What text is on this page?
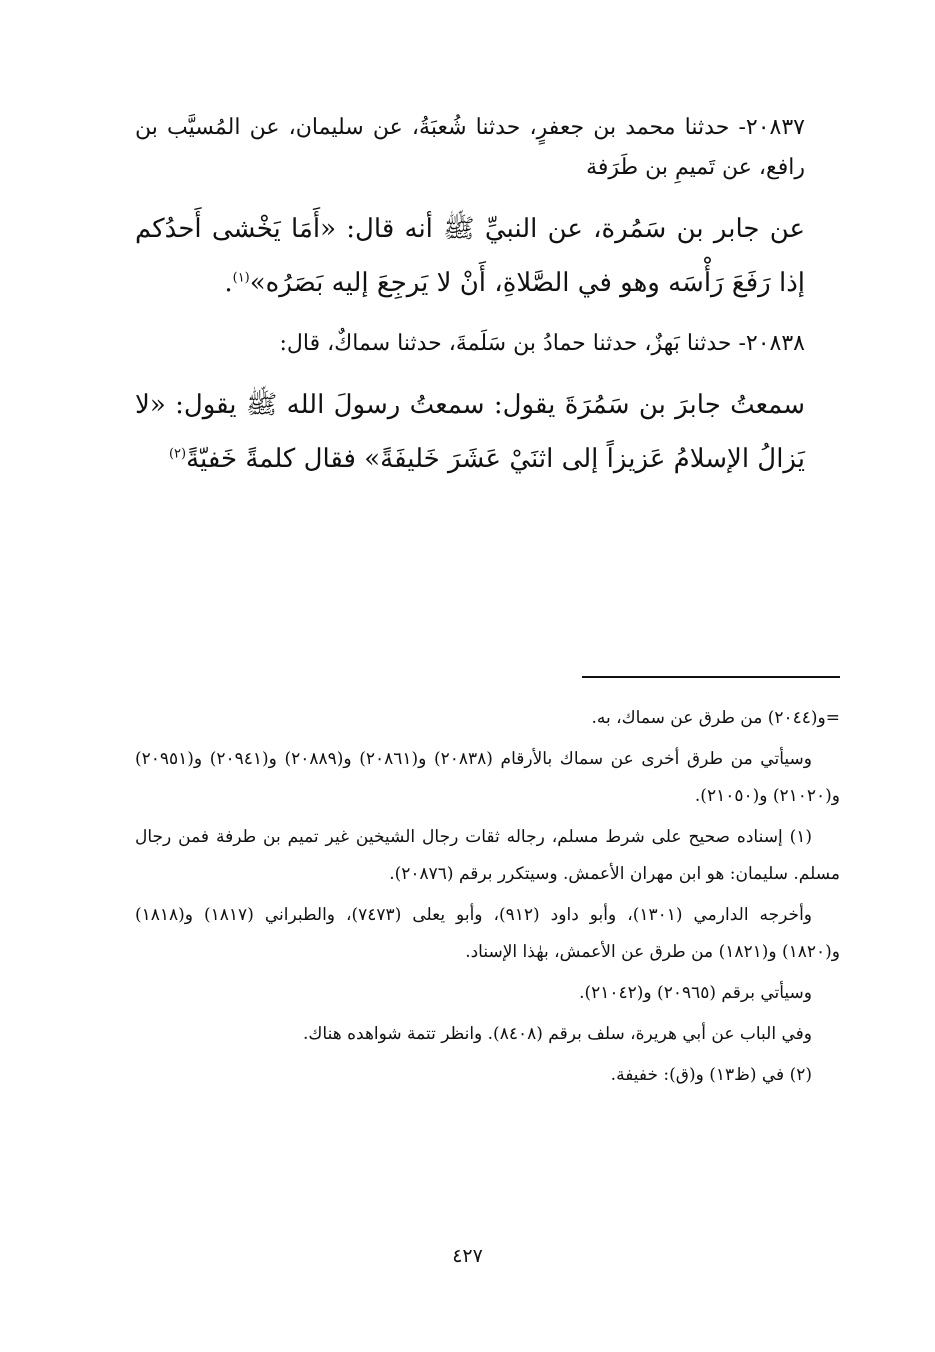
٢٠٨٣٧- حدثنا محمد بن جعفرٍ، حدثنا شُعبَةُ، عن سليمان، عن المُسيَّب بن رافع، عن تَميمِ بن طَرَفة

عن جابر بن سَمُرة، عن النبيِّ ﷺ أنه قال: «أَمَا يَخْشى أَحدُكم إذا رَفَعَ رَأْسَه وهو في الصَّلاةِ، أَنْ لا يَرجِعَ إليه بَصَرُه»$^{(١)}$.

٢٠٨٣٨- حدثنا بَهزٌ، حدثنا حمادُ بن سَلَمةَ، حدثنا سماكٌ، قال:

سمعتُ جابرَ بن سَمُرَةَ يقول: سمعتُ رسولَ الله ﷺ يقول: «لا يَزالُ الإسلامُ عَزيزاً إلى اثنَيْ عَشَرَ خَليفَةً» فقال كلمةً خَفيّةً$^{(٢)}$

=و(٢٠٤٤) من طرق عن سماك، به.

وسيأتي من طرق أخرى عن سماك بالأرقام (٢٠٨٣٨) و(٢٠٨٦١) و(٢٠٨٨٩) و(٢٠٩٤١) و(٢٠٩٥١) و(٢١٠٢٠) و(٢١٠٥٠).

(١) إسناده صحيح على شرط مسلم، رجاله ثقات رجال الشيخين غير تميم بن طرفة فمن رجال مسلم. سليمان: هو ابن مهران الأعمش. وسيتكرر برقم (٢٠٨٧٦).

وأخرجه الدارمي (١٣٠١)، وأبو داود (٩١٢)، وأبو يعلى (٧٤٧٣)، والطبراني (١٨١٧) و(١٨١٨) و(١٨٢٠) و(١٨٢١) من طرق عن الأعمش، بهٰذا الإسناد.

وسيأتي برقم (٢٠٩٦٥) و(٢١٠٤٢).

وفي الباب عن أبي هريرة، سلف برقم (٨٤٠٨). وانظر تتمة شواهده هناك.

(٢) في (ظ١٣) و(ق): خفيفة.

٤٢٧
